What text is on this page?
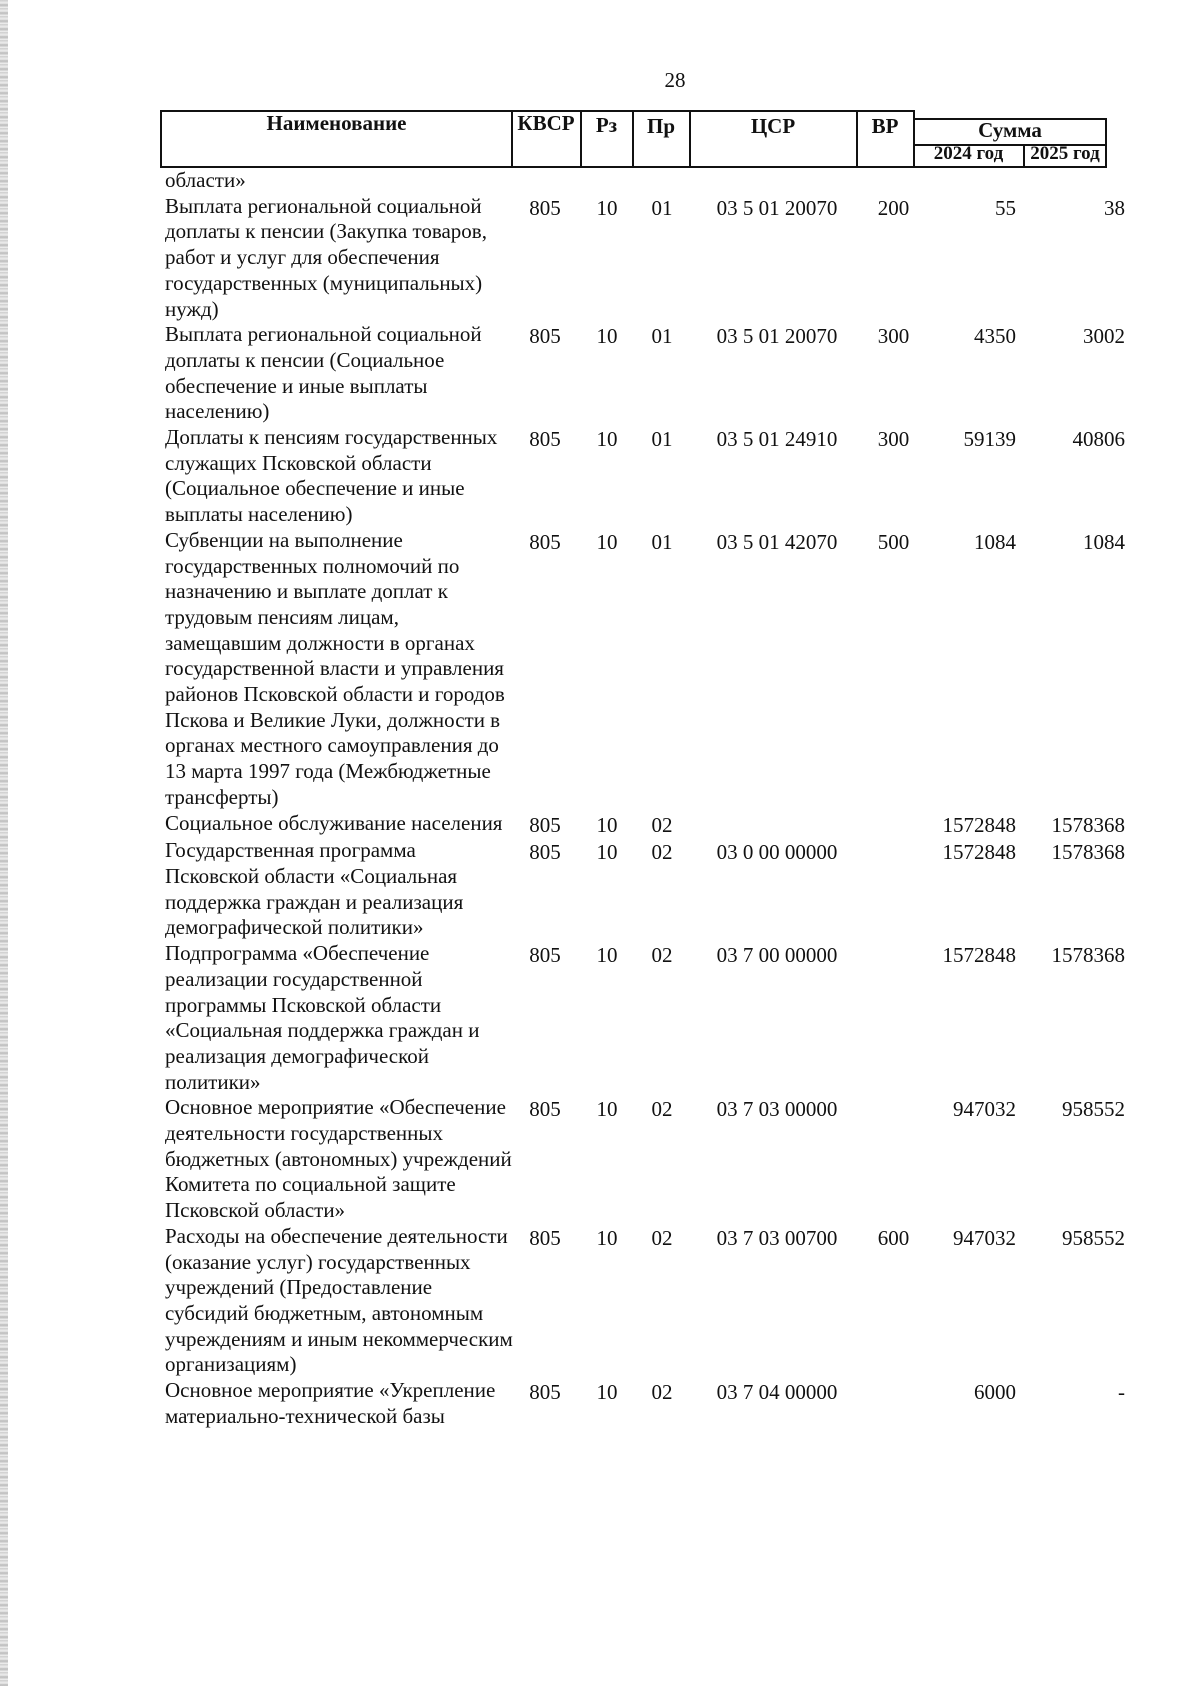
28
Наименование	КВСР	Рз	Пр	ЦСР	ВР	Сумма
2024 год	2025 год
области»	

Выплата региональной социальной доплаты к пенсии (Закупка товаров, работ и услуг для обеспечения государственных (муниципальных) нужд)	805	10	01	03 5 01 20070	200	55	38

Выплата региональной социальной доплаты к пенсии (Социальное обеспечение и иные выплаты населению)	805	10	01	03 5 01 20070	300	4350	3002

Доплаты к пенсиям государственных служащих Псковской области (Социальное обеспечение и иные выплаты населению)	805	10	01	03 5 01 24910	300	59139	40806

Субвенции на выполнение государственных полномочий по назначению и выплате доплат к трудовым пенсиям лицам, замещавшим должности в органах государственной власти и управления районов Псковской области и городов Пскова и Великие Луки, должности в органах местного самоуправления до 13 марта 1997 года (Межбюджетные трансферты)	805	10	01	03 5 01 42070	500	1084	1084

Социальное обслуживание населения	805	10	02			1572848	1578368

Государственная программа Псковской области «Социальная поддержка граждан и реализация демографической политики»	805	10	02	03 0 00 00000		1572848	1578368

Подпрограмма «Обеспечение реализации государственной программы Псковской области «Социальная поддержка граждан и реализация демографической политики»	805	10	02	03 7 00 00000		1572848	1578368

Основное мероприятие «Обеспечение деятельности государственных бюджетных (автономных) учреждений Комитета по социальной защите Псковской области»	805	10	02	03 7 03 00000		947032	958552

Расходы на обеспечение деятельности (оказание услуг) государственных учреждений (Предоставление субсидий бюджетным, автономным учреждениям и иным некоммерческим организациям)	805	10	02	03 7 03 00700	600	947032	958552

Основное мероприятие «Укрепление материально-технической базы	805	10	02	03 7 04 00000		6000	-
